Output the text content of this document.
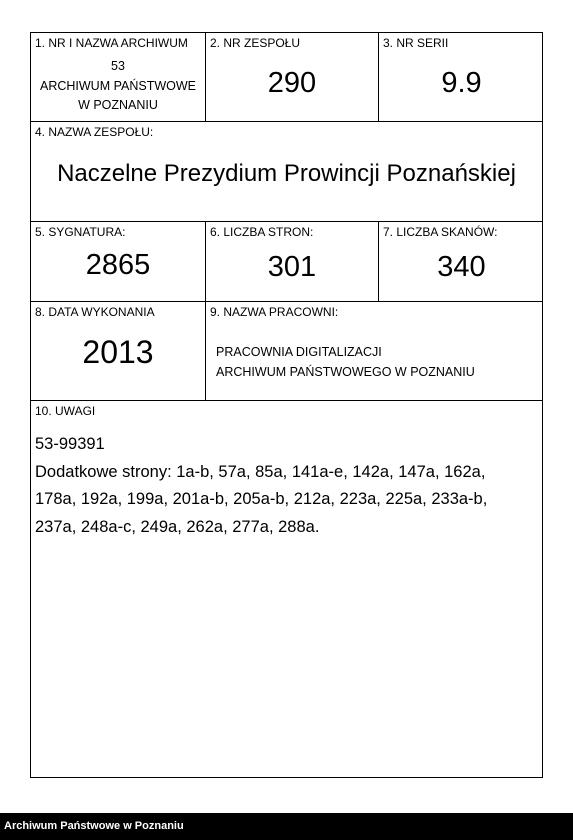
1. NR I NAZWA ARCHIWUM
53
ARCHIWUM PAŃSTWOWE
W POZNANIU
2. NR ZESPOŁU
290
3. NR SERII
9.9
4. NAZWA ZESPOŁU:
Naczelne Prezydium Prowincji Poznańskiej
5. SYGNATURA:
2865
6. LICZBA STRON:
301
7. LICZBA SKANÓW:
340
8. DATA WYKONANIA
2013
9. NAZWA PRACOWNI:
PRACOWNIA DIGITALIZACJI
ARCHIWUM PAŃSTWOWEGO W POZNANIU
10. UWAGI
53-99391
Dodatkowe strony: 1a-b, 57a, 85a, 141a-e, 142a, 147a, 162a,
178a, 192a, 199a, 201a-b, 205a-b, 212a, 223a, 225a, 233a-b,
237a, 248a-c, 249a, 262a, 277a, 288a.
Archiwum Państwowe w Poznaniu
